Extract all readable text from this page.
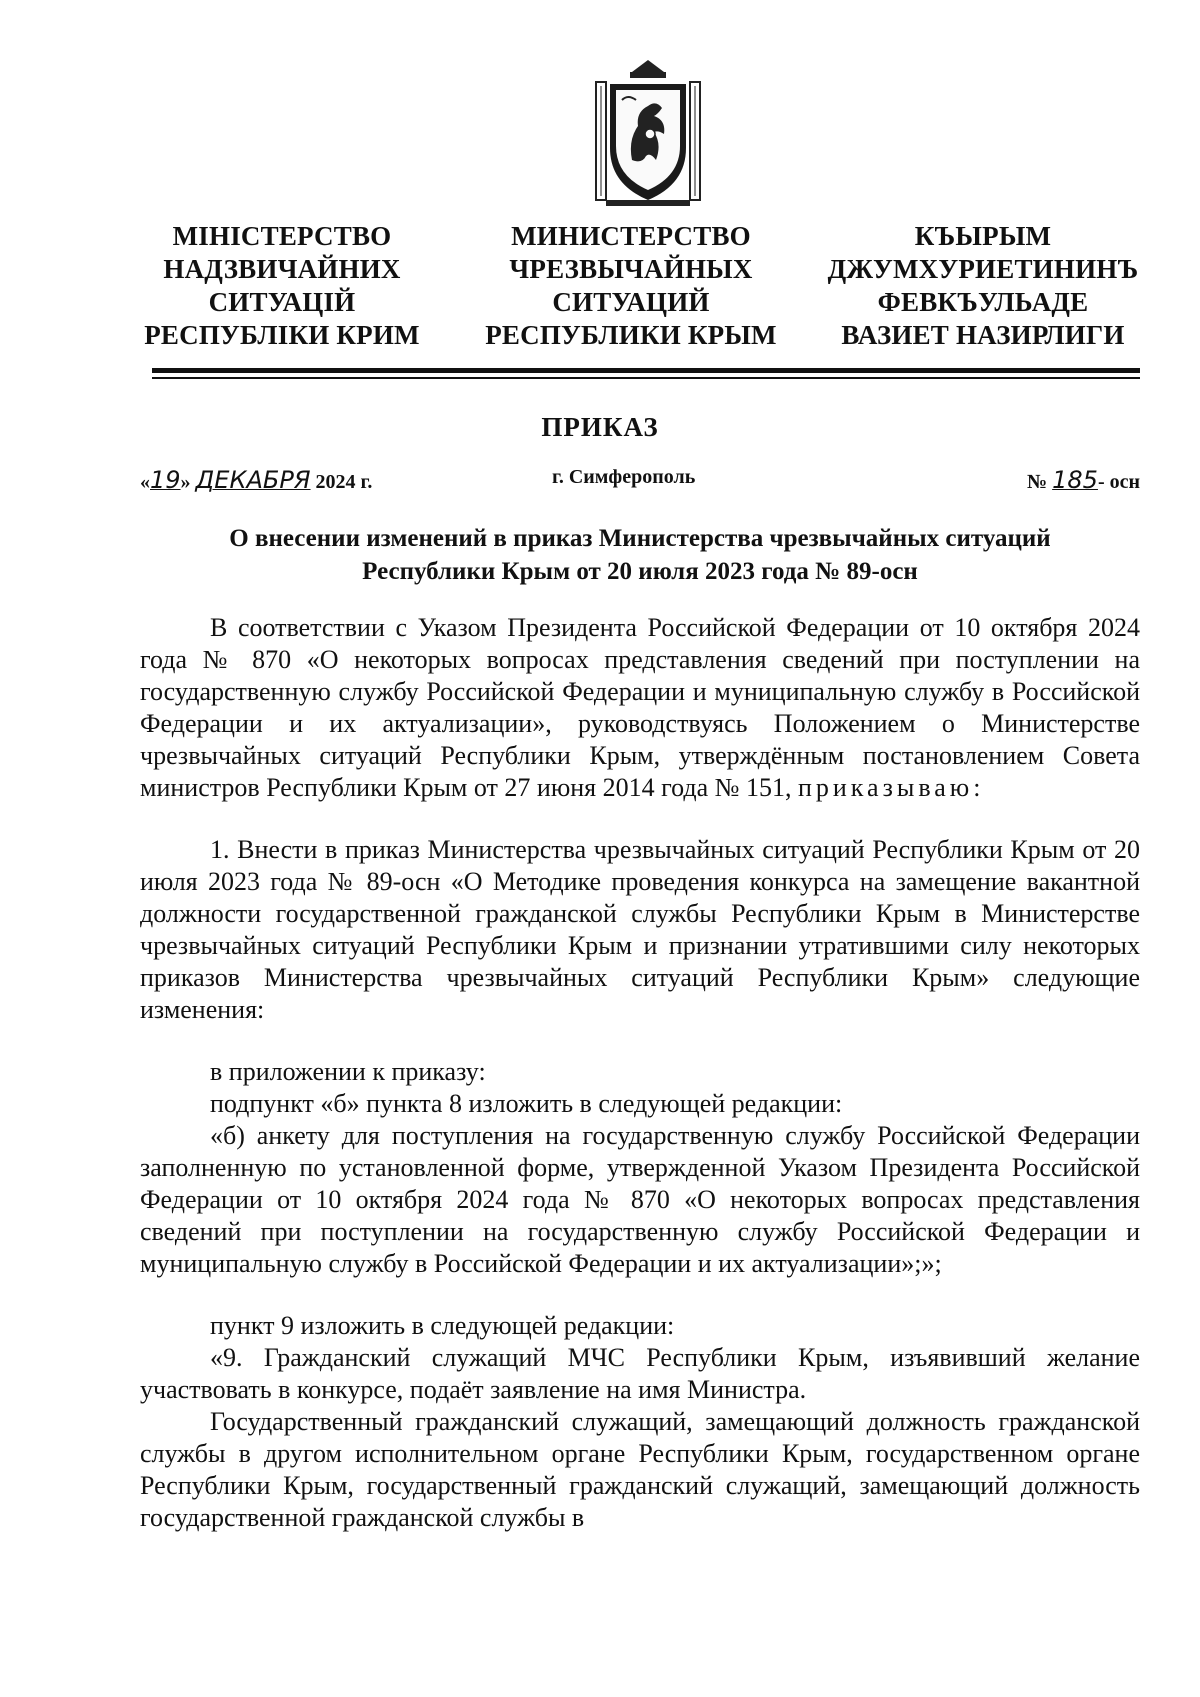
МІНІСТЕРСТВО
НАДЗВИЧАЙНИХ
СИТУАЦІЙ
РЕСПУБЛІКИ КРИМ
МИНИСТЕРСТВО
ЧРЕЗВЫЧАЙНЫХ
СИТУАЦИЙ
РЕСПУБЛИКИ КРЫМ
КЪЫРЫМ
ДЖУМХУРИЕТИНИНЪ
ФЕВКЪУЛЬАДЕ
ВАЗИЕТ НАЗИРЛИГИ
ПРИКАЗ
«19» ДЕКАБРЯ 2024 г.	г. Симферополь	№ 185- осн
О внесении изменений в приказ Министерства чрезвычайных ситуаций
Республики Крым от 20 июля 2023 года № 89-осн

В соответствии с Указом Президента Российской Федерации от 10 октября 2024 года № 870 «О некоторых вопросах представления сведений при поступлении на государственную службу Российской Федерации и муниципальную службу в Российской Федерации и их актуализации», руководствуясь Положением о Министерстве чрезвычайных ситуаций Республики Крым, утверждённым постановлением Совета министров Республики Крым от 27 июня 2014 года № 151, приказываю:

1. Внести в приказ Министерства чрезвычайных ситуаций Республики Крым от 20 июля 2023 года № 89-осн «О Методике проведения конкурса на замещение вакантной должности государственной гражданской службы Республики Крым в Министерстве чрезвычайных ситуаций Республики Крым и признании утратившими силу некоторых приказов Министерства чрезвычайных ситуаций Республики Крым» следующие изменения:

в приложении к приказу:

подпункт «б» пункта 8 изложить в следующей редакции:

«б) анкету для поступления на государственную службу Российской Федерации заполненную по установленной форме, утвержденной Указом Президента Российской Федерации от 10 октября 2024 года № 870 «О некоторых вопросах представления сведений при поступлении на государственную службу Российской Федерации и муниципальную службу в Российской Федерации и их актуализации»;»;

пункт 9 изложить в следующей редакции:

«9. Гражданский служащий МЧС Республики Крым, изъявивший желание участвовать в конкурсе, подаёт заявление на имя Министра.

Государственный гражданский служащий, замещающий должность гражданской службы в другом исполнительном органе Республики Крым, государственном органе Республики Крым, государственный гражданский служащий, замещающий должность государственной гражданской службы в
